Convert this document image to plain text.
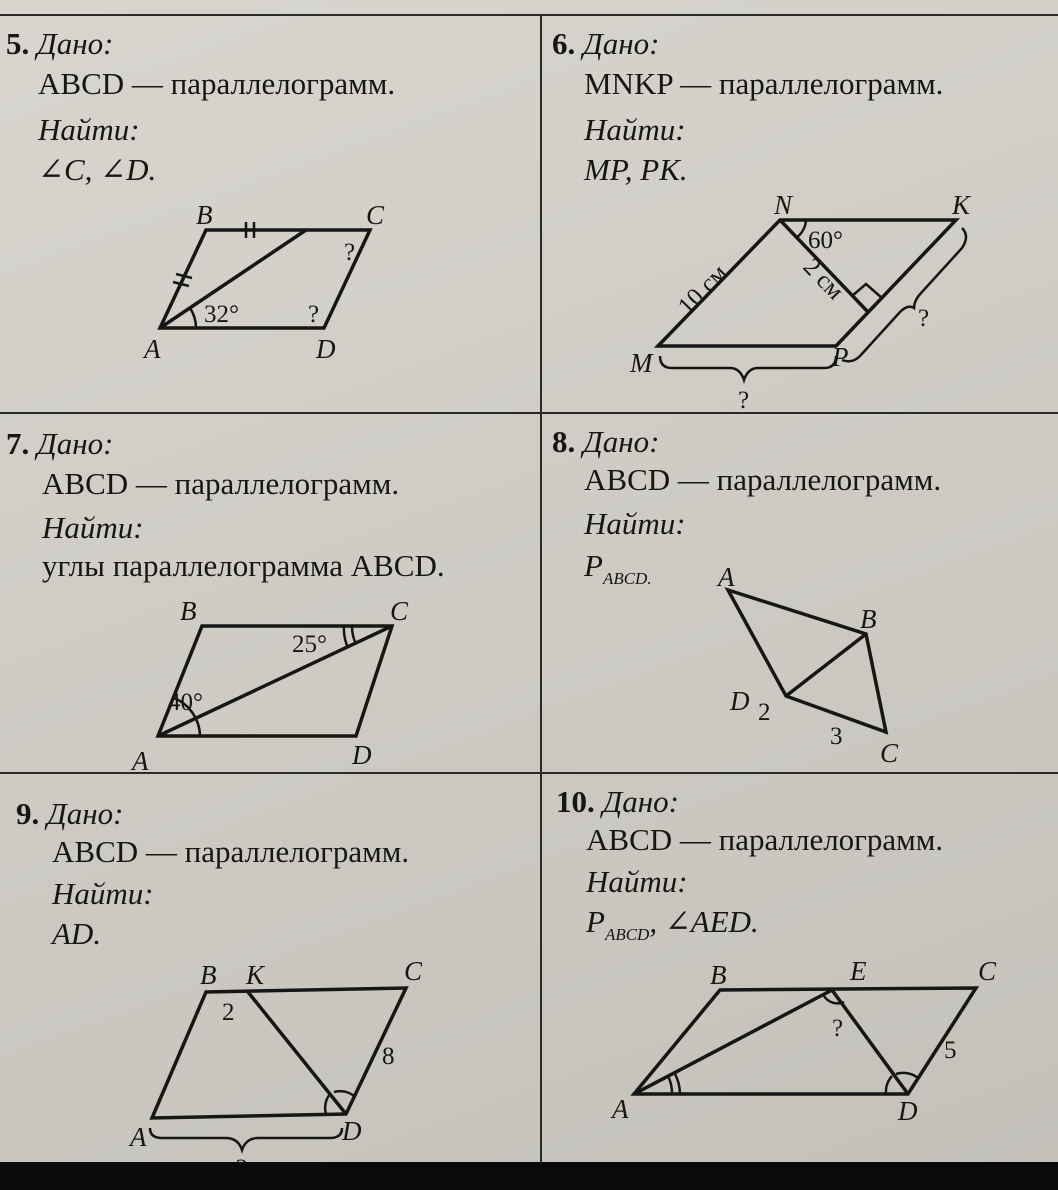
5. Дано:
ABCD — параллелограмм.
Найти:
∠C, ∠D.
B	C
A	D
32°
?
?
6. Дано:
MNKP — параллелограмм.
Найти:
MP, PK.
N	K
M	P
60°
10 см	2 см
?
?
7. Дано:
ABCD — параллелограмм.
Найти:
углы параллелограмма ABCD.
B	C
A	D
25°
40°
8. Дано:
ABCD — параллелограмм.
Найти:
$P_{ABCD.}$ A
B
C
D 2
3
9. Дано:
ABCD — параллелограмм.
Найти:
AD.
B K	C
A	D
2
8
10. Дано:
ABCD — параллелограмм.
Найти:
$P_{ABCD}$, ∠AED.
B	E	C
A	D
5
?
